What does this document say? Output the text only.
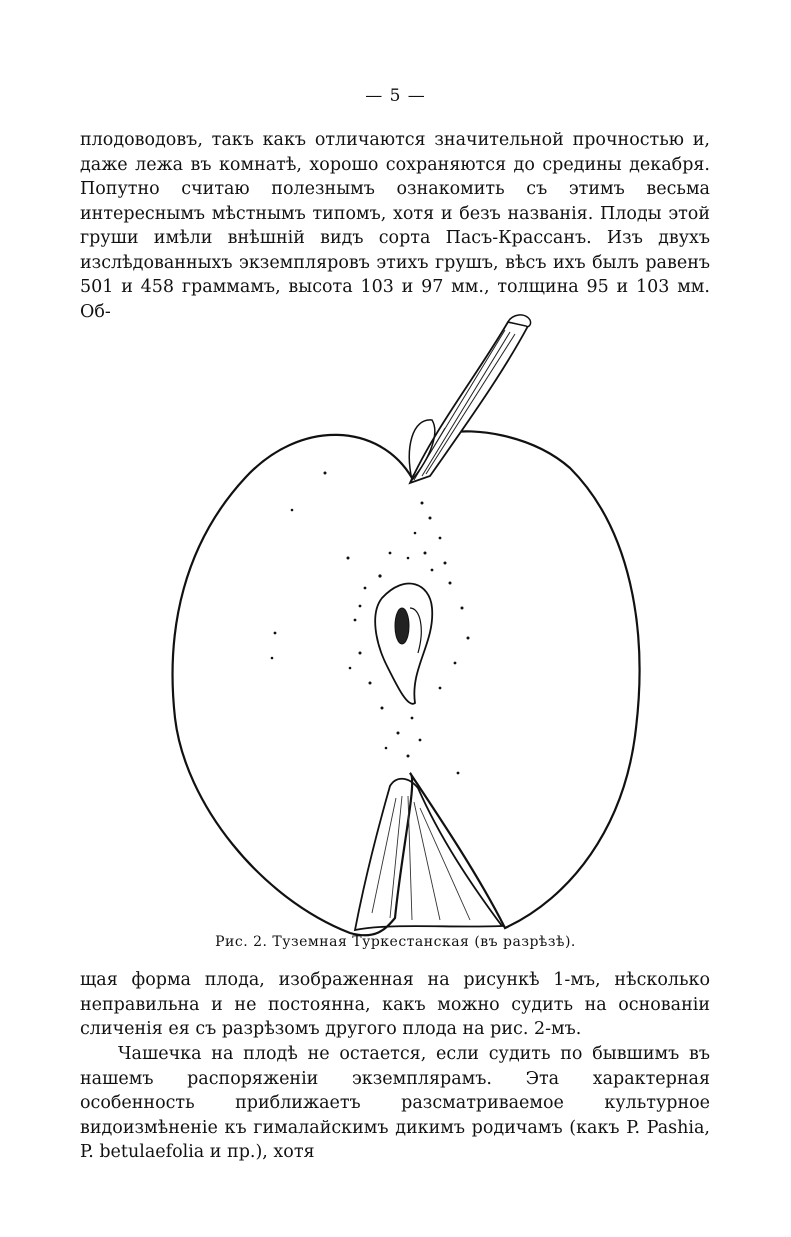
— 5 —

плодоводовъ, такъ какъ отличаются значительной прочностью и, даже лежа въ комнатѣ, хорошо сохраняются до средины декабря. Попутно считаю полезнымъ ознакомить съ этимъ весьма интереснымъ мѣстнымъ типомъ, хотя и безъ названія. Плоды этой груши имѣли внѣшній видъ сорта Пасъ-Крассанъ. Изъ двухъ изслѣдованныхъ экземпляровъ этихъ грушъ, вѣсъ ихъ былъ равенъ 501 и 458 граммамъ, высота 103 и 97 мм., толщина 95 и 103 мм. Об-

Рис. 2. Туземная Туркестанская (въ разрѣзѣ).

щая форма плода, изображенная на рисункѣ 1-мъ, нѣсколько неправильна и не постоянна, какъ можно судить на основаніи сличенія ея съ разрѣзомъ другого плода на рис. 2-мъ.

Чашечка на плодѣ не остается, если судить по бывшимъ въ нашемъ распоряженіи экземплярамъ. Эта характерная особенность приближаетъ разсматриваемое культурное видоизмѣненіе къ гималайскимъ дикимъ родичамъ (какъ P. Pashia, P. betulaefolia и пр.), хотя
